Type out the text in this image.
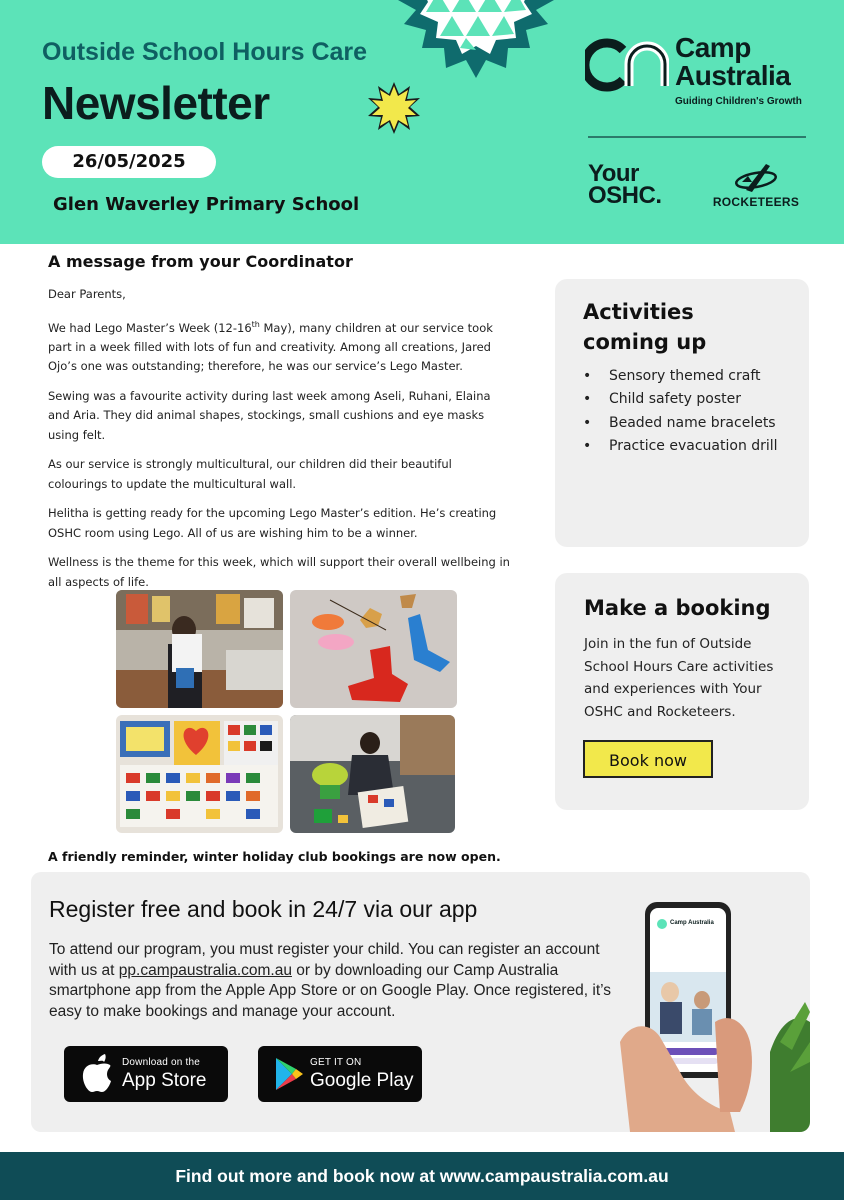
Outside School Hours Care
Newsletter
26/05/2025
Glen Waverley Primary School
Camp
Australia
Guiding Children's Growth
Your
OSHC.	ROCKETEERS
A message from your Coordinator

Dear Parents,

We had Lego Master’s Week (12-16th May), many children at our service took part in a week filled with lots of fun and creativity. Among all creations, Jared Ojo’s one was outstanding; therefore, he was our service’s Lego Master.

Sewing was a favourite activity during last week among Aseli, Ruhani, Elaina and Aria. They did animal shapes, stockings, small cushions and eye masks using felt.

As our service is strongly multicultural, our children did their beautiful colourings to update the multicultural wall.

Helitha is getting ready for the upcoming Lego Master’s edition. He’s creating OSHC room using Lego. All of us are wishing him to be a winner.

Wellness is the theme for this week, which will support their overall wellbeing in all aspects of life.

A friendly reminder, winter holiday club bookings are now open.
Activities
coming up
• Sensory themed craft
• Child safety poster
• Beaded name bracelets
• Practice evacuation drill
Make a booking
Join in the fun of Outside School Hours Care activities and experiences with Your OSHC and Rocketeers.
Book now
Register free and book in 24/7 via our app
To attend our program, you must register your child. You can register an account with us at pp.campaustralia.com.au or by downloading our Camp Australia smartphone app from the Apple App Store or on Google Play. Once registered, it’s easy to make bookings and manage your account.
Download on the
App Store
GET IT ON
Google Play
Camp Australia
Find out more and book now at www.campaustralia.com.au
